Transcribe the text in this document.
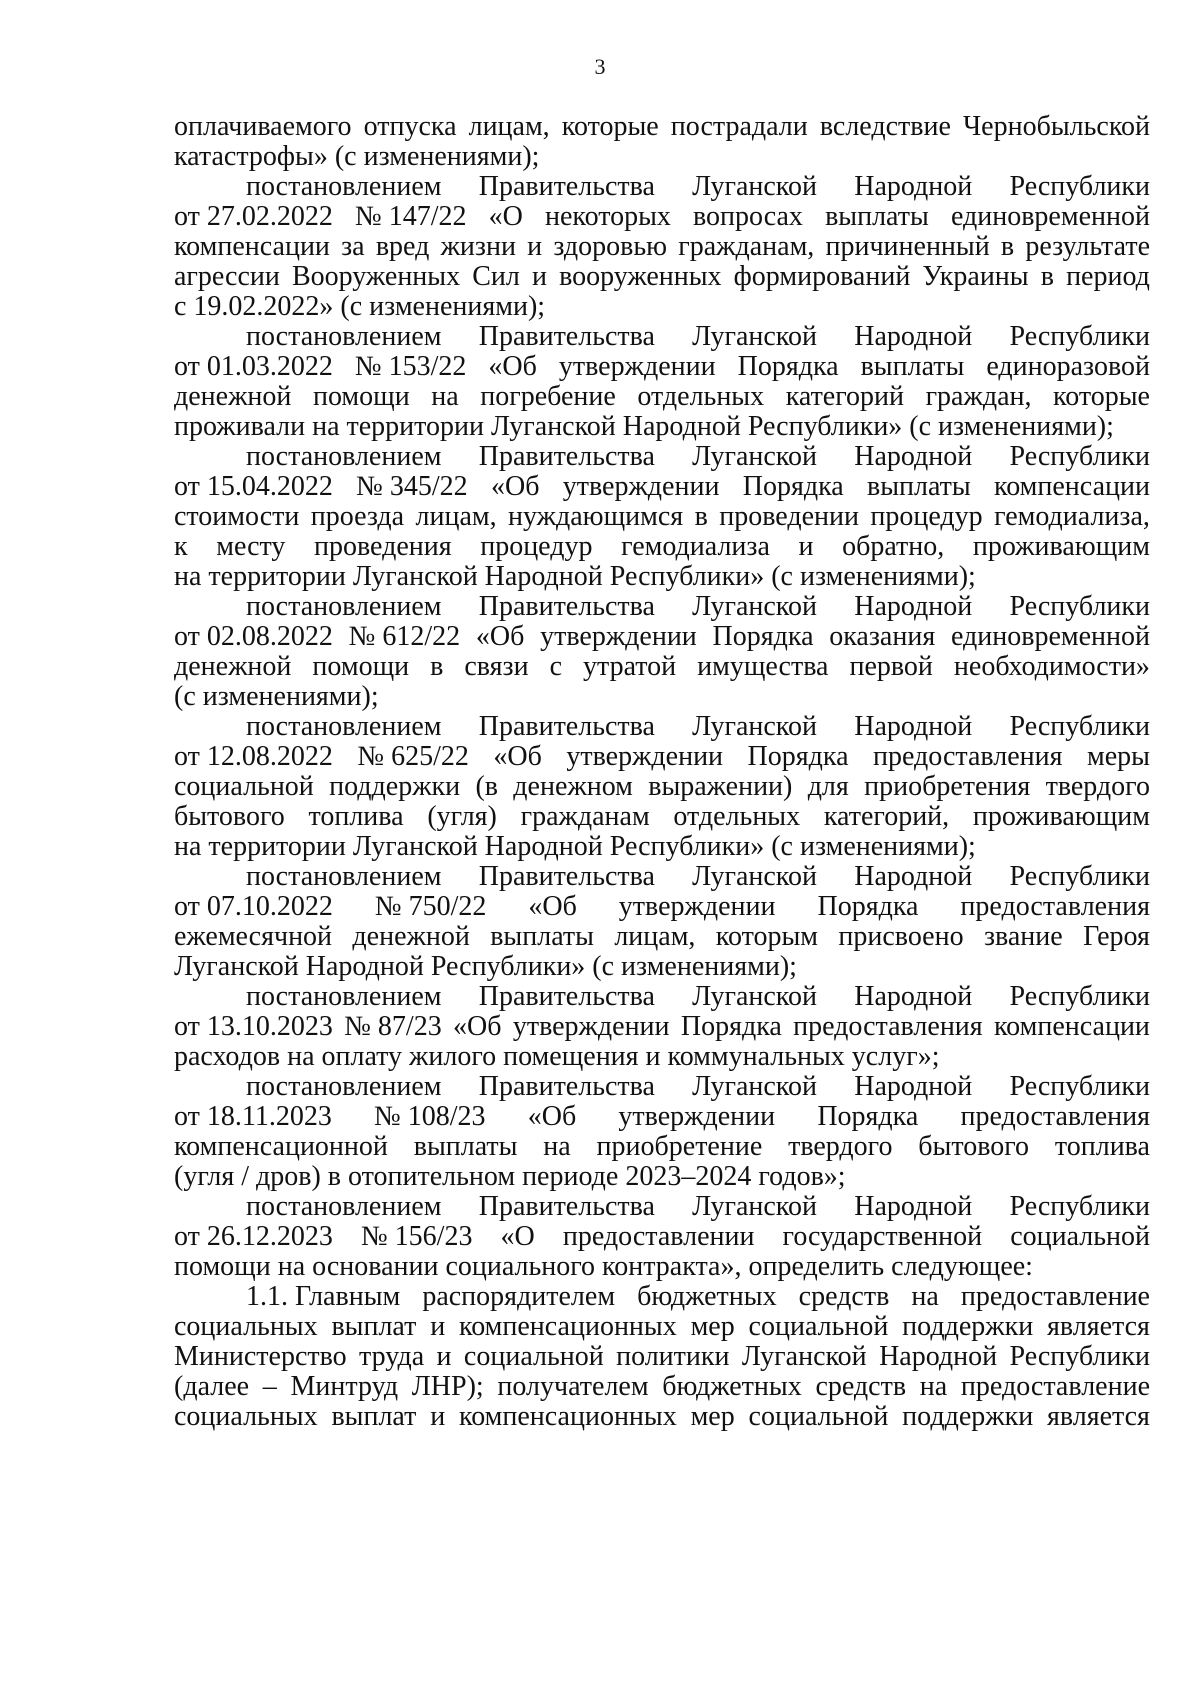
3
оплачиваемого отпуска лицам, которые пострадали вследствие Чернобыльской
катастрофы» (с изменениями);
постановлением Правительства Луганской Народной Республики
от 27.02.2022 № 147/22 «О некоторых вопросах выплаты единовременной
компенсации за вред жизни и здоровью гражданам, причиненный в результате
агрессии Вооруженных Сил и вооруженных формирований Украины в период
с 19.02.2022» (с изменениями);
постановлением Правительства Луганской Народной Республики
от 01.03.2022 № 153/22 «Об утверждении Порядка выплаты единоразовой
денежной помощи на погребение отдельных категорий граждан, которые
проживали на территории Луганской Народной Республики» (с изменениями);
постановлением Правительства Луганской Народной Республики
от 15.04.2022 № 345/22 «Об утверждении Порядка выплаты компенсации
стоимости проезда лицам, нуждающимся в проведении процедур гемодиализа,
к месту проведения процедур гемодиализа и обратно, проживающим
на территории Луганской Народной Республики» (с изменениями);
постановлением Правительства Луганской Народной Республики
от 02.08.2022 № 612/22 «Об утверждении Порядка оказания единовременной
денежной помощи в связи с утратой имущества первой необходимости»
(с изменениями);
постановлением Правительства Луганской Народной Республики
от 12.08.2022 № 625/22 «Об утверждении Порядка предоставления меры
социальной поддержки (в денежном выражении) для приобретения твердого
бытового топлива (угля) гражданам отдельных категорий, проживающим
на территории Луганской Народной Республики» (с изменениями);
постановлением Правительства Луганской Народной Республики
от 07.10.2022 № 750/22 «Об утверждении Порядка предоставления
ежемесячной денежной выплаты лицам, которым присвоено звание Героя
Луганской Народной Республики» (с изменениями);
постановлением Правительства Луганской Народной Республики
от 13.10.2023 № 87/23 «Об утверждении Порядка предоставления компенсации
расходов на оплату жилого помещения и коммунальных услуг»;
постановлением Правительства Луганской Народной Республики
от 18.11.2023 № 108/23 «Об утверждении Порядка предоставления
компенсационной выплаты на приобретение твердого бытового топлива
(угля / дров) в отопительном периоде 2023–2024 годов»;
постановлением Правительства Луганской Народной Республики
от 26.12.2023 № 156/23 «О предоставлении государственной социальной
помощи на основании социального контракта», определить следующее:
1.1. Главным распорядителем бюджетных средств на предоставление
социальных выплат и компенсационных мер социальной поддержки является
Министерство труда и социальной политики Луганской Народной Республики
(далее – Минтруд ЛНР); получателем бюджетных средств на предоставление
социальных выплат и компенсационных мер социальной поддержки является
